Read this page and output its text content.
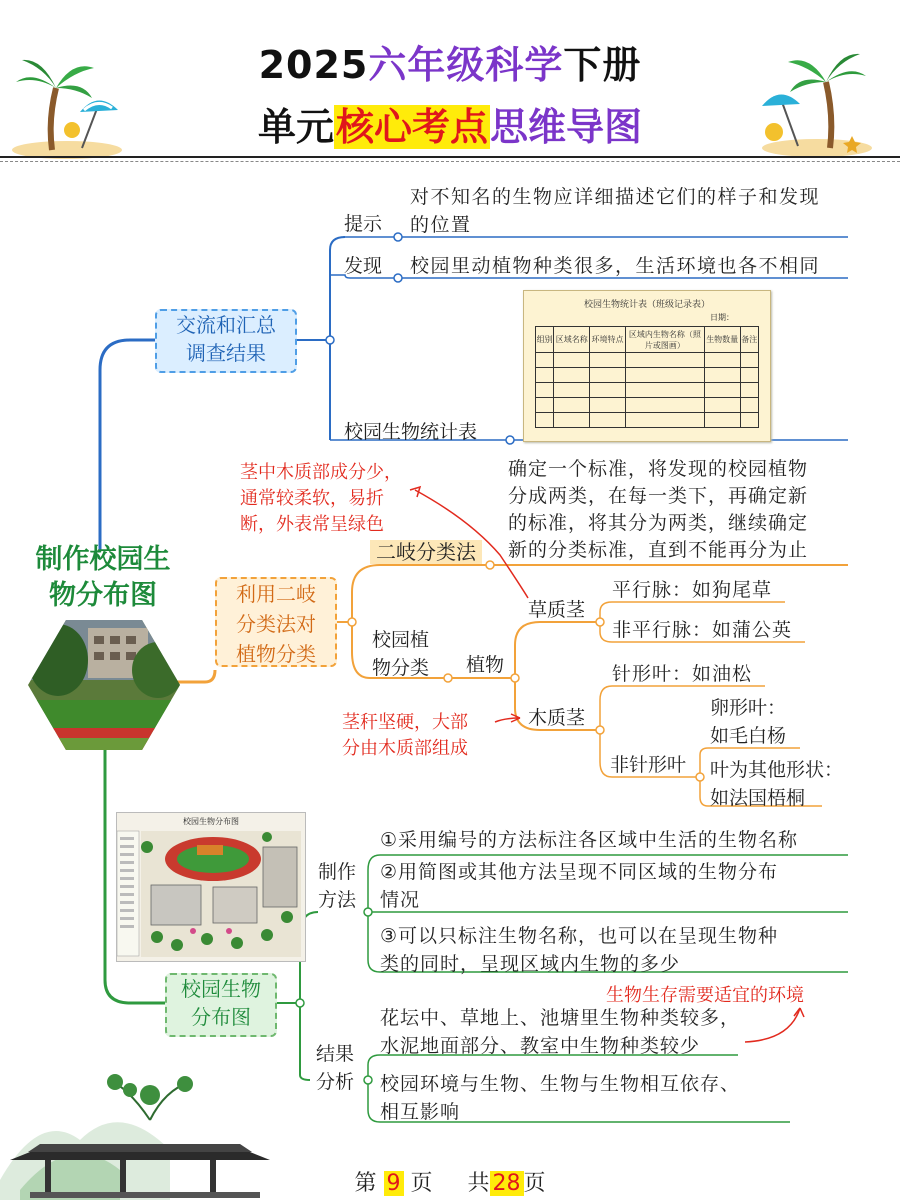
2025六年级科学下册
单元核心考点思维导图
制作校园生
物分布图
交流和汇总
调查结果
提示
对不知名的生物应详细描述它们的样子和发现
的位置
发现 校园里动植物种类很多，生活环境也各不相同
校园生物统计表
校园生物统计表（班级记录表）
日期：
组别	区域名称	环境特点	区域内生物名称（照片或图画）	生物数量	备注

利用二岐
分类法对
植物分类
二岐分类法
确定一个标准，将发现的校园植物
分成两类，在每一类下，再确定新
的标准，将其分为两类，继续确定
新的分类标准，直到不能再分为止
校园植
物分类 植物
草质茎
平行脉：如狗尾草
非平行脉：如蒲公英
木质茎
针形叶：如油松
非针形叶
卵形叶：
如毛白杨
叶为其他形状：
如法国梧桐
茎中木质部成分少，
通常较柔软，易折
断，外表常呈绿色
茎秆坚硬，大部
分由木质部组成
校园生物分布图
校园生物
分布图
制作
方法
①采用编号的方法标注各区域中生活的生物名称
②用简图或其他方法呈现不同区域的生物分布
情况
③可以只标注生物名称，也可以在呈现生物种
类的同时，呈现区域内生物的多少
结果
分析
花坛中、草地上、池塘里生物种类较多，
水泥地面部分、教室中生物种类较少
校园环境与生物、生物与生物相互依存、
相互影响
生物生存需要适宜的环境
第 9 页 共 28 页
